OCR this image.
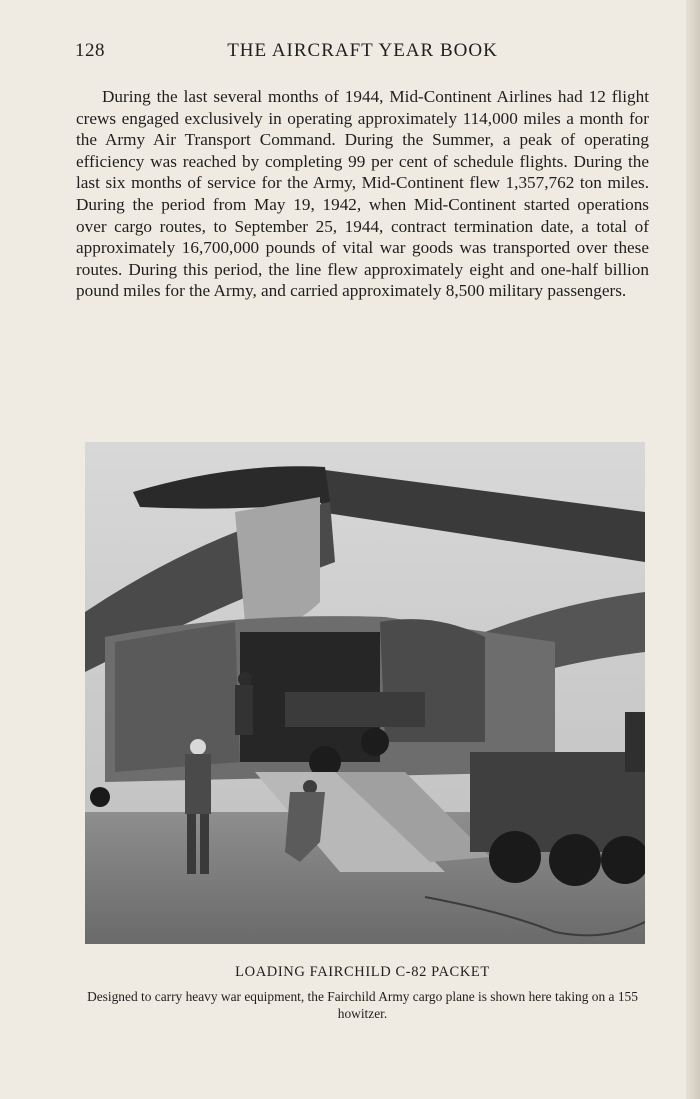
128	THE AIRCRAFT YEAR BOOK

During the last several months of 1944, Mid-Continent Airlines had 12 flight crews engaged exclusively in operating approximately 114,000 miles a month for the Army Air Transport Command. During the Summer, a peak of operating efficiency was reached by completing 99 per cent of schedule flights. During the last six months of service for the Army, Mid-Continent flew 1,357,762 ton miles. During the period from May 19, 1942, when Mid-Continent started operations over cargo routes, to September 25, 1944, contract termination date, a total of approximately 16,700,000 pounds of vital war goods was transported over these routes. During this period, the line flew approximately eight and one-half billion pound miles for the Army, and carried approximately 8,500 military passengers.

LOADING FAIRCHILD C-82 PACKET
Designed to carry heavy war equipment, the Fairchild Army cargo plane is shown here taking on a 155 howitzer.
